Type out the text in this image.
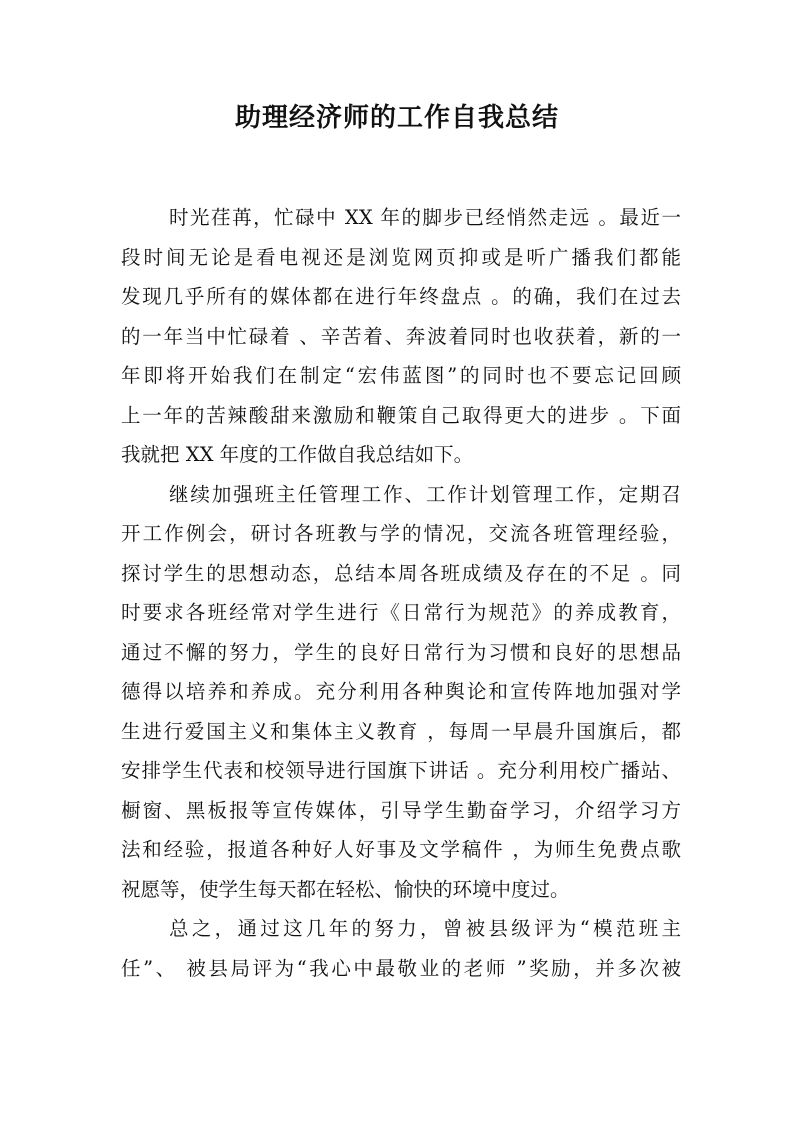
助理经济师的工作自我总结
时光荏苒，忙碌中 XX 年的脚步已经悄然走远 。最近一
段时间无论是看电视还是浏览网页抑或是听广播我们都能
发现几乎所有的媒体都在进行年终盘点 。的确，我们在过去
的一年当中忙碌着 、辛苦着、奔波着同时也收获着，新的一
年即将开始我们在制定“宏伟蓝图”的同时也不要忘记回顾
上一年的苦辣酸甜来激励和鞭策自己取得更大的进步 。下面
我就把 XX 年度的工作做自我总结如下。
继续加强班主任管理工作、工作计划管理工作，定期召
开工作例会，研讨各班教与学的情况，交流各班管理经验，
探讨学生的思想动态，总结本周各班成绩及存在的不足 。同
时要求各班经常对学生进行《日常行为规范》的养成教育，
通过不懈的努力，学生的良好日常行为习惯和良好的思想品
德得以培养和养成。充分利用各种舆论和宣传阵地加强对学
生进行爱国主义和集体主义教育 ，每周一早晨升国旗后，都
安排学生代表和校领导进行国旗下讲话 。充分利用校广播站、
橱窗、黑板报等宣传媒体，引导学生勤奋学习，介绍学习方
法和经验，报道各种好人好事及文学稿件 ，为师生免费点歌
祝愿等，使学生每天都在轻松、愉快的环境中度过。
总之，通过这几年的努力，曾被县级评为“模范班主
任”、 被县局评为“我心中最敬业的老师 ”奖励，并多次被
